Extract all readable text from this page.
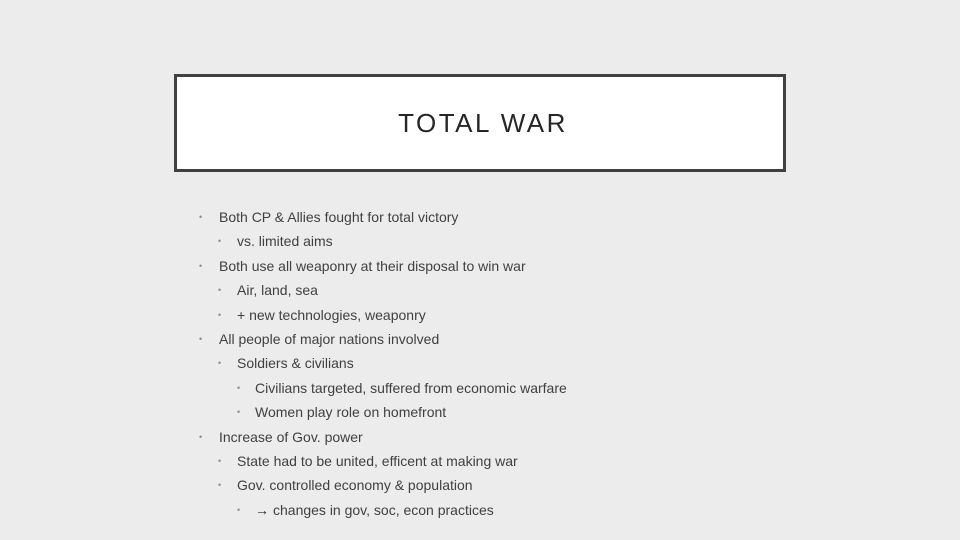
TOTAL WAR
•	Both CP & Allies fought for total victory
•	vs. limited aims
•	Both use all weaponry at their disposal to win war
•	Air, land, sea
•	+ new technologies, weaponry
•	All people of major nations involved
•	Soldiers & civilians
•	Civilians targeted, suffered from economic warfare
•	Women play role on homefront
•	Increase of Gov. power
•	State had to be united, efficent at making war
•	Gov. controlled economy & population
•	→ changes in gov, soc, econ practices
